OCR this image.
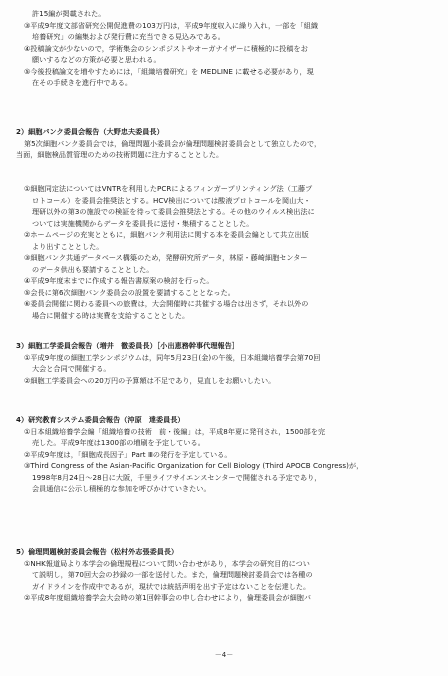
許15編が掲載された。
③平成9年度文部省研究公開促進費の103万円は，平成9年度収入に繰り入れ，一部を「組織
培養研究」の編集および発行費に充当できる見込みである。
④投稿論文が少ないので，学術集会のシンポジストやオーガナイザーに積極的に投稿をお
願いするなどの方策が必要と思われる。
⑤今後投稿論文を増やすためには，「組織培養研究」を MEDLINE に載せる必要があり，現
在その手続きを進行中である。
2）細胞バンク委員会報告（大野忠夫委員長）
第5次細胞バンク委員会では，倫理問題小委員会が倫理問題検討委員会として独立したので，
当面，細胞検品質管理のための技術問題に注力することとした。
①細胞同定法についてはVNTRを利用したPCRによるフィンガープリンティング法（工藤プ
ロトコール）を委員会推奨法とする。HCV検出については酸液プロトコールを岡山大・
理研以外の第3の施設での検証を待って委員会推奨法とする。その他のウイルス検出法に
ついては実施機関からデータを委員長に送付・集積することとした。
②ホームページの充実とともに，細胞バンク利用法に関する本を委員会編として共立出版
より出すこととした。
③細胞バンク共通データベース構築のため，発酵研究所データ，林原・藤崎細胞センター
のデータ供出も要請することとした。
④平成9年度末までに作成する報告書原案の検討を行った。
⑤会長に第6次細胞バンク委員会の設置を要請することとなった。
⑥委員会開催に関わる委員への旅費は，大会開催時に共催する場合は出さず，それ以外の
場合に開催する時は実費を支給することとした。
3）細胞工学委員会報告（増井　徹委員長）［小出恵務幹事代理報告］
①平成9年度の細胞工学シンポジウムは，同年5月23日(金)の午後，日本組織培養学会第70回
大会と合同で開催する。
②細胞工学委員会への20万円の予算額は不足であり，見直しをお願いしたい。
4）研究教育システム委員会報告（沖原　達委員長）
①日本組織培養学会編「組織培養の技術　前・後編」は，平成8年夏に発刊され，1500部を完
売した。平成9年度は1300部の増刷を予定している。
②平成9年度は，「細胞成長因子」Part Ⅲの発行を予定している。
③Third Congress of the Asian-Pacific Organization for Cell Biology (Third APOCB Congress)が，
1998年8月24日～28日に大阪，千里ライフサイエンスセンターで開催される予定であり，
会員通信に公示し積極的な参加を呼びかけていきたい。
5）倫理問題検討委員会報告（松村外志張委員長）
①NHK報道局より本学会の倫理規程について問い合わせがあり，本学会の研究目的につい
て説明し，第70回大会の抄録の一部を送付した。また，倫理問題検討委員会では各種の
ガイドラインを作成中であるが，現状では統括声明を出す予定はないことを伝達した。
②平成8年度組織培養学会大会時の第1回幹事会の申し合わせにより，倫理委員会が細胞バ
－4－
